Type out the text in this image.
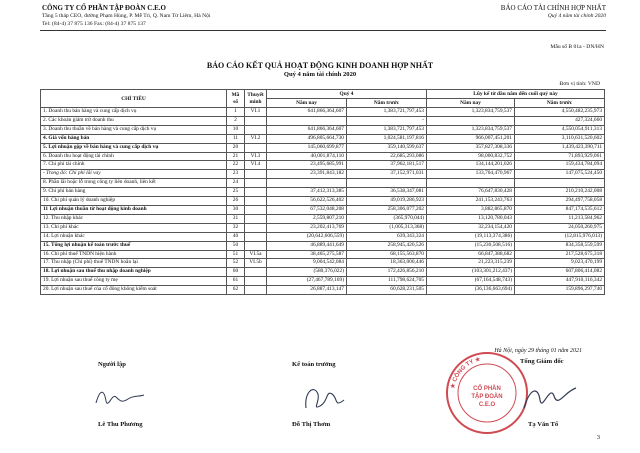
CÔNG TY CỔ PHẦN TẬP ĐOÀN C.E.O
Tầng 5 tháp CEO, đường Phạm Hùng, P. Mễ Trì, Q. Nam Từ Liêm, Hà Nội
Tel: (84-4) 37 875 136 Fax: (84-4) 37 875 137
BÁO CÁO TÀI CHÍNH HỢP NHẤT
Quý 4 năm tài chính 2020
Mẫu số B 01a - DN/HN
BÁO CÁO KẾT QUẢ HOẠT ĐỘNG KINH DOANH HỢP NHẤT
Quý 4 năm tài chính 2020
Đơn vị tính: VND
CHỈ TIÊU	Mã số	Thuyết minh	Quý 4		Lũy kế từ đầu năm đến cuối quý này	
			Năm nay	Năm trước	Năm nay	Năm trước
1. Doanh thu bán hàng và cung cấp dịch vụ	1	VI.1	641,866,364,607	1,383,721,797,453	1,323,834,759,537	4,550,482,235,973
2. Các khoản giảm trừ doanh thu	2			-		427,324,660
3. Doanh thu thuần về bán hàng và cung cấp dịch vụ	10		641,866,364,607	1,383,721,797,453	1,323,834,759,537	4,550,054,911,313
4. Giá vốn hàng bán	11	VI.2	496,805,664,730	1,024,581,197,816	966,007,451,201	3,110,631,520,602
5. Lợi nhuận gộp về bán hàng và cung cấp dịch vụ	20		145,060,699,877	359,140,599,637	357,827,308,336	1,439,423,390,711
6. Doanh thu hoạt động tài chính	21	VI.3	40,001,874,110	22,685,293,086	98,000,832,752	71,893,929,061
7. Chi phí tài chính	22	VI.4	23,495,685,991	37,962,181,517	134,144,201,026	159,434,784,094
- Trong đó: Chi phí lãi vay	23		23,391,843,182	37,152,971,031	133,704,470,967	147,075,524,450
8. Phần lãi hoặc lỗ trong công ty liên doanh, liên kết	24					
9. Chi phí bán hàng	25		37,412,313,385	36,538,347,081	76,647,830,428	210,210,242,008
10. Chi phí quản lý doanh nghiệp	26		56,622,526,402	49,019,286,923	241,153,243,763	294,497,758,058
11 Lợi nhuận thuần từ hoạt động kinh doanh	30		67,532,048,208	258,306,077,202	3,882,865,870	847,174,535,612
12. Thu nhập khác	31		2,559,807,210	(365,970,044)	13,120,780,043	11,213,584,962
13. Chi phí khác	32		23,202,413,769	(1,005,313,368)	32,234,154,420	24,050,260,975
14. Lợi nhuận khác	40		(20,642,606,559)	639,343,324	(19,113,374,386)	(12,815,976,013)
15. Tổng lợi nhuận kế toán trước thuế	50		46,889,441,649	258,945,420,526	(15,230,508,516)	834,358,559,599
16. Chi phí thuế TNDN hiện hành	51	VI.5a	38,465,275,587	68,155,563,870	66,847,388,682	217,528,675,318
17. Thu nhập (Chi phí) thuế TNDN hoãn lại	52	VI.5b	9,004,542,084	18,363,000,446	21,223,315,239	9,023,470,199
18. Lợi nhuận sau thuế thu nhập doanh nghiệp	60		(580,376,022)	172,426,856,210	(103,301,212,437)	607,806,414,082
19. Lợi nhuận sau thuế công ty mẹ	61		(27,467,789,169)	111,798,624,705	(67,164,548,743)	447,910,116,342
20. Lợi nhuận sau thuế của cổ đông không kiểm soát	62		26,887,413,147	60,628,231,505	(36,136,663,694)	159,896,297,740
Hà Nội, ngày 29 tháng 01 năm 2021
Người lập	Kế toán trưởng	Tổng Giám đốc
★ CÔNG TY ★
CỔ PHẦN
TẬP ĐOÀN
C.E.O
Lê Thu Phương	Đỗ Thị Thơm	Tạ Văn Tố
3
